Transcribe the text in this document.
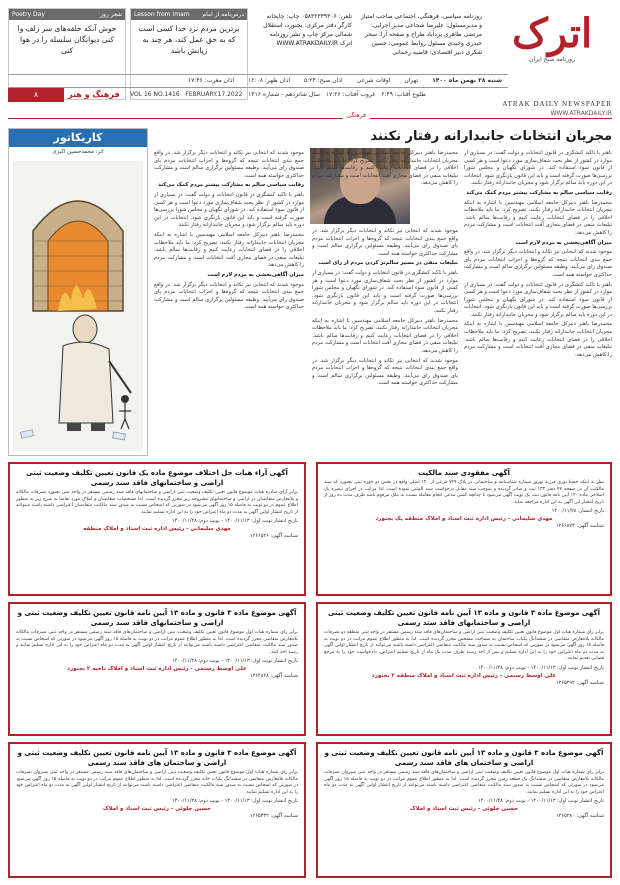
اترک
روزنامه صبح ایران
ATRAK DAILY NEWSPAPER
WWW.ATRAKDAILY.IR
روزنامه سیاسی، فرهنگی، اجتماعی صاحب امتیاز و مدیرمسئول: علیرضا شجاعی مدیر اجرایی: مرتضی طاهری یزدآباد طراح و صفحه آرا: سحر حیدری وحیدی مسئول روابط عمومی: حسین شکری دبیر اقتصادی: قاضیه رحمانی
تلفن: ۰۵۸۳۲۳۳۹۳۰۶ چاپ: چاپخانه کارگر دفتر مرکزی: بجنورد، استقلال شمالی مرکز چاپ و نشر روزنامه اترک WWW.ATRAKDAILY.IR
درس‌نامه از امام
Lesson from Imam
برترین مردم نزد خدا کسی است که به حق عمل کند، هر چند به زیانش باشد
شعر روز
Poetry Day
خوش آنکه حلقه‌های سر زلف وا کنی دیوانگان سلسله را در هوا کنی
شنبه ۲۸ بهمن ماه ۱۴۰۰ تهران اوقات شرعی اذان صبح: ۵:۲۴ اذان ظهر: ۱۲:۰۸ اذان مغرب: ۱۷:۴۶
۸	فرهنگ و هنر	VOL 16 NO.1416 FEBRUARY.17.2022	طلوع آفتاب: ۶:۴۹   غروب آفتاب: ۱۷:۲۶   سال شانزدهم - شماره ۱۴۱۶
فرهنگی
مجریان انتخابات جانبدارانه رفتار نکنند

باهنر با تاکید کنشگری در قانون انتخابات و دولت گفت: در بسیاری از موارد در کشور از نظر بحث شفاف‌سازی مورد دعوا است و هر کسی از قانون سوء استفاده کند. در شورای نگهبان و مجلس شورا بررسی‌ها صورت گرفته است و باید این قانون بازنگری شود. انتخابات در این دوره باید سالم برگزار شود و مجریان جانبدارانه رفتار نکنند.

رقابت سیاسی سالم به مشارکت بیشتر مردم کمک می‌کند

محمدرضا باهنر دبیرکل جامعه اسلامی مهندسین با اشاره به اینکه مجریان انتخابات جانبدارانه رفتار نکنند، تصریح کرد: ما باید ملاحظات اخلاقی را در فضای انتخابات رعایت کنیم و رقابت‌ها سالم باشد. تبلیغات منفی در فضای مجازی آفت انتخابات است و مشارکت مردم را کاهش می‌دهد.

میزان آگاهی‌بخشی به مردم لازم است

موجود شدند که انتخابی نیز تکاند و انتخابات دیگر برگزار شد. در واقع جمع بندی انتخابات نتیجه که گروه‌ها و احزاب انتخابات مردم پای صندوق رای می‌آیند. وظیفه مسئولین برگزاری سالم است و مشارکت حداکثری خواسته همه است.

باهنر با تاکید کنشگری در قانون انتخابات و دولت گفت: در بسیاری از موارد در کشور از نظر بحث شفاف‌سازی مورد دعوا است و هر کسی از قانون سوء استفاده کند. در شورای نگهبان و مجلس شورا بررسی‌ها صورت گرفته است و باید این قانون بازنگری شود. انتخابات در این دوره باید سالم برگزار شود و مجریان جانبدارانه رفتار نکنند.

محمدرضا باهنر دبیرکل جامعه اسلامی مهندسین با اشاره به اینکه مجریان انتخابات جانبدارانه رفتار نکنند، تصریح کرد: ما باید ملاحظات اخلاقی را در فضای انتخابات رعایت کنیم و رقابت‌ها سالم باشد. تبلیغات منفی در فضای مجازی آفت انتخابات است و مشارکت مردم را کاهش می‌دهد.

محمدرضا باهنر دبیرکل جامعه اسلامی مهندسین با اشاره به اینکه مجریان انتخابات جانبدارانه رفتار نکنند، تصریح کرد: ما باید ملاحظات اخلاقی را در فضای انتخابات رعایت کنیم و رقابت‌ها سالم باشد. تبلیغات منفی در فضای مجازی آفت انتخابات است و مشارکت مردم را کاهش می‌دهد.

موجود شدند که انتخابی نیز تکاند و انتخابات دیگر برگزار شد. در واقع جمع بندی انتخابات نتیجه که گروه‌ها و احزاب انتخابات مردم پای صندوق رای می‌آیند. وظیفه مسئولین برگزاری سالم است و مشارکت حداکثری خواسته همه است.

تبلیغات منفی در مسیر سالم‌تر کردن مردم از رای است

باهنر با تاکید کنشگری در قانون انتخابات و دولت گفت: در بسیاری از موارد در کشور از نظر بحث شفاف‌سازی مورد دعوا است و هر کسی از قانون سوء استفاده کند. در شورای نگهبان و مجلس شورا بررسی‌ها صورت گرفته است و باید این قانون بازنگری شود. انتخابات در این دوره باید سالم برگزار شود و مجریان جانبدارانه رفتار نکنند.

محمدرضا باهنر دبیرکل جامعه اسلامی مهندسین با اشاره به اینکه مجریان انتخابات جانبدارانه رفتار نکنند، تصریح کرد: ما باید ملاحظات اخلاقی را در فضای انتخابات رعایت کنیم و رقابت‌ها سالم باشد. تبلیغات منفی در فضای مجازی آفت انتخابات است و مشارکت مردم را کاهش می‌دهد.

موجود شدند که انتخابی نیز تکاند و انتخابات دیگر برگزار شد. در واقع جمع بندی انتخابات نتیجه که گروه‌ها و احزاب انتخابات مردم پای صندوق رای می‌آیند. وظیفه مسئولین برگزاری سالم است و مشارکت حداکثری خواسته همه است.

موجود شدند که انتخابی نیز تکاند و انتخابات دیگر برگزار شد. در واقع جمع بندی انتخابات نتیجه که گروه‌ها و احزاب انتخابات مردم پای صندوق رای می‌آیند. وظیفه مسئولین برگزاری سالم است و مشارکت حداکثری خواسته همه است.

رقابت سیاسی سالم به مشارکت بیشتر مردم کمک می‌کند

باهنر با تاکید کنشگری در قانون انتخابات و دولت گفت: در بسیاری از موارد در کشور از نظر بحث شفاف‌سازی مورد دعوا است و هر کسی از قانون سوء استفاده کند. در شورای نگهبان و مجلس شورا بررسی‌ها صورت گرفته است و باید این قانون بازنگری شود. انتخابات در این دوره باید سالم برگزار شود و مجریان جانبدارانه رفتار نکنند.

محمدرضا باهنر دبیرکل جامعه اسلامی مهندسین با اشاره به اینکه مجریان انتخابات جانبدارانه رفتار نکنند، تصریح کرد: ما باید ملاحظات اخلاقی را در فضای انتخابات رعایت کنیم و رقابت‌ها سالم باشد. تبلیغات منفی در فضای مجازی آفت انتخابات است و مشارکت مردم را کاهش می‌دهد.

میزان آگاهی‌بخشی به مردم لازم است

موجود شدند که انتخابی نیز تکاند و انتخابات دیگر برگزار شد. در واقع جمع بندی انتخابات نتیجه که گروه‌ها و احزاب انتخابات مردم پای صندوق رای می‌آیند. وظیفه مسئولین برگزاری سالم است و مشارکت حداکثری خواسته همه است.

کاریکاتور
اثر: محمدحسین اکبری
آگهی مفقودی سند مالکیت
نظر به اینکه حسنا نوری فرزند بهروز شماره شناسنامه و ساختمانی در پلاک ۷۴۹ فرعی از ۱۲۰ اصلی واقع در بخش دو حوزه ثبتی بجنورد که سند مالکیت آن در صفحه ۴۷ دفتر ۱۳۳ ثبت و صادر گردیده و بموجب سند مقابل درخواست سند المثنی نموده است. لذا مراتب در اجرای تبصره یک اصلاحی ماده ۱۲۰ آیین نامه قانون ثبت یک نوبت آگهی می‌شود تا چنانچه کسی مدعی انجام معامله نسبت به ملک مرقوم باشد ظرف مدت ده روز از تاریخ انتشار این آگهی به این اداره مراجعه نماید.
تاریخ انتشار: ۱۴۰۰/۱۱/۲۸
مهدی سلیمانی - رئیس اداره ثبت اسناد و املاک منطقه یک بجنورد
شناسه آگهی: ۱۲۶۶۸۷۴
آگهی آراء هیات حل اختلاف موضوع ماده یک قانون تعیین تکلیف وضعیت ثبتی اراضی و ساختمانهای فاقد سند رسمی
برابر آرای صادره هیات موضوع قانون تعیین تکلیف وضعیت ثبتی اراضی و ساختمانهای فاقد سند رسمی مستقر در واحد ثبتی بجنورد تصرفات مالکانه و بلامعارض متقاضیان در اراضی و ساختمانهای مشروحه زیر محرز گردیده است. لذا مشخصات متقاضیان و املاک مورد تقاضا به شرح زیر به منظور اطلاع عموم در دو نوبت به فاصله ۱۵ روز آگهی می‌شود در صورتی که اشخاص نسبت به صدور سند مالکیت متقاضیان اعتراضی داشته باشند میتوانند از تاریخ انتشار اولین آگهی به مدت دو ماه اعتراض خود را به این اداره تسلیم نمایند.
تاریخ انتشار نوبت اول: ۱۴۰۰/۱۱/۱۳ - نوبت دوم: ۱۴۰۰/۱۱/۲۸
مهدی سلیمانی - رئیس اداره ثبت اسناد و املاک منطقه
شناسه آگهی: ۱۲۶۶۵۲۶
آگهی موضوع ماده ۳ قانون و ماده ۱۳ آیین نامه قانون تعیین تکلیف وضعیت ثبتی اراضی و ساختمانهای فاقد سند رسمی
برابر رای شماره هیات اول موضوع قانون تعیین تکلیف وضعیت ثبتی اراضی و ساختمان‌های فاقد سند رسمی مستقر در واحد ثبتی منطقه دو تصرفات مالکانه بلامعارض متقاضی در ششدانگ یکباب ساختمان به مساحت مشخص محرز گردیده است. لذا به منظور اطلاع عموم مراتب در دو نوبت به فاصله ۱۵ روز آگهی می‌شود در صورتی که اشخاص نسبت به صدور سند مالکیت متقاضی اعتراضی داشته باشند می‌توانند از تاریخ انتشار اولین آگهی به مدت دو ماه اعتراض خود را به این اداره تسلیم و پس از اخذ رسید ظرف مدت یک ماه از تاریخ تسلیم اعتراض، دادخواست خود را به مرجع قضایی تقدیم نمایند.
تاریخ انتشار نوبت اول: ۱۴۰۰/۱۱/۱۳ - نوبت دوم: ۱۴۰۰/۱۱/۲۸
علی اوسط رستمی - رئیس اداره ثبت اسناد و املاک منطقه ۲ بجنورد
شناسه آگهی: ۱۲۶۵۲۹۲
آگهی موضوع ماده ۳ قانون و ماده ۱۳ آیین نامه قانون تعیین تکلیف وضعیت ثبتی و اراضی و ساختمانهای فاقد سند رسمی
برابر رای شماره هیات اول موضوع قانون تعیین تکلیف وضعیت ثبتی اراضی و ساختمان‌های فاقد سند رسمی مستقر در واحد ثبتی تصرفات مالکانه بلامعارض متقاضی محرز گردیده است. لذا به منظور اطلاع عموم مراتب در دو نوبت به فاصله ۱۵ روز آگهی می‌شود در صورتی که اشخاص نسبت به صدور سند مالکیت متقاضی اعتراضی داشته باشند می‌توانند از تاریخ انتشار اولین آگهی به مدت دو ماه اعتراض خود را به این اداره تسلیم نمایند و رسید اخذ کنند.
تاریخ انتشار نوبت اول: ۱۴۰۰/۱۱/۱۳ - نوبت دوم: ۱۴۰۰/۱۱/۲۸
علی اوسط رستمی - رئیس اداره ثبت اسناد و املاک ناحیه ۲ بجنورد
شناسه آگهی: ۱۲۶۴۸۲۸
آگهی موضوع ماده ۳ قانون و ماده ۱۳ آیین نامه قانون تعیین تکلیف وضعیت ثبتی و اراضی و ساختمان های فاقد سند رسمی
برابر رای شماره هیات اول موضوع قانون تعیین تکلیف وضعیت ثبتی اراضی و ساختمان‌های فاقد سند رسمی مستقر در واحد ثبتی شیروان تصرفات مالکانه بلامعارض متقاضی در ششدانگ یک قطعه زمین محرز گردیده است. لذا به منظور اطلاع عموم مراتب در دو نوبت به فاصله ۱۵ روز آگهی می‌شود در صورتی که اشخاص نسبت به صدور سند مالکیت متقاضی اعتراضی داشته باشند می‌توانند از تاریخ انتشار اولین آگهی به مدت دو ماه اعتراض خود را به این اداره تسلیم نمایند.
تاریخ انتشار نوبت اول: ۱۴۰۰/۱۱/۱۳ - نوبت دوم: ۱۴۰۰/۱۱/۲۸
حسین چلوئی - رئیس ثبت اسناد و املاک
شناسه آگهی: ۱۲۶۵۲۸۰
آگهی موضوع ماده ۳ قانون و ماده ۱۳ آیین نامه قانون تعیین تکلیف وضعیت ثبتی و اراضی و ساختمان های فاقد سند رسمی
برابر رای شماره هیات اول موضوع قانون تعیین تکلیف وضعیت ثبتی اراضی و ساختمان‌های فاقد سند رسمی مستقر در واحد ثبتی شیروان تصرفات مالکانه بلامعارض متقاضی در ششدانگ یکباب خانه محرز گردیده است. لذا به منظور اطلاع عموم مراتب در دو نوبت به فاصله ۱۵ روز آگهی می‌شود در صورتی که اشخاص نسبت به صدور سند مالکیت متقاضی اعتراضی داشته باشند می‌توانند از تاریخ انتشار اولین آگهی به مدت دو ماه اعتراض خود را به این اداره تسلیم نمایند.
تاریخ انتشار نوبت اول: ۱۴۰۰/۱۱/۱۳ - نوبت دوم: ۱۴۰۰/۱۱/۲۸
حسین چلوئی - رئیس ثبت اسناد و املاک
شناسه آگهی: ۱۲۶۵۳۳۲
